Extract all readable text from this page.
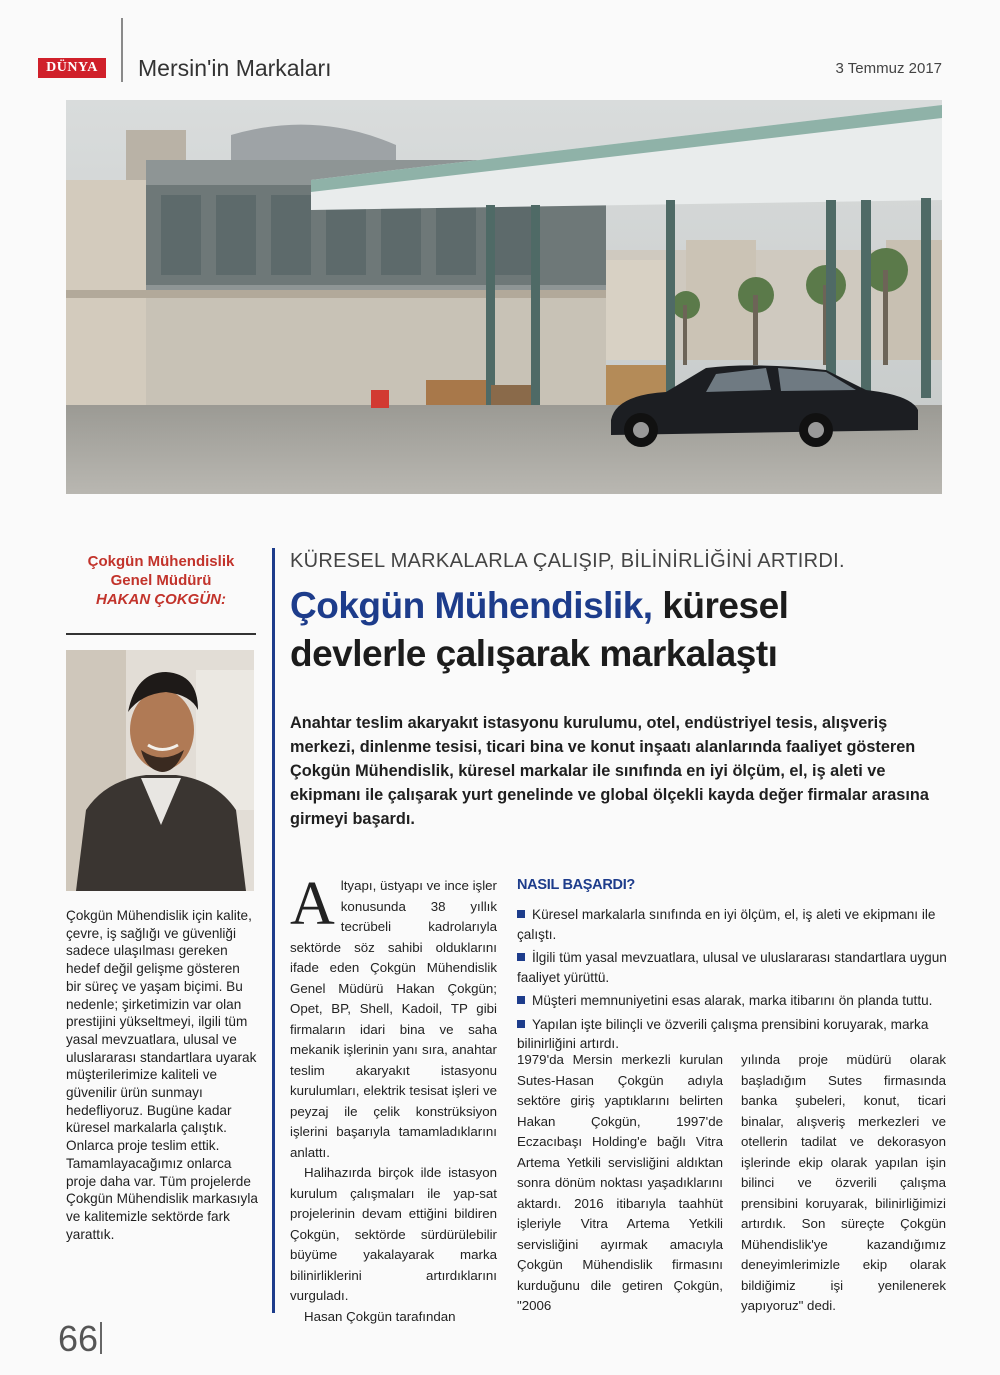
DÜNYA	Mersin'in Markaları	3 Temmuz 2017
Çokgün Mühendislik
Genel Müdürü
HAKAN ÇOKGÜN:
Çokgün Mühendislik için kalite, çevre, iş sağlığı ve güvenliği sadece ulaşılması gereken hedef değil gelişme gösteren bir süreç ve yaşam biçimi. Bu nedenle; şirketimizin var olan prestijini yükseltmeyi, ilgili tüm yasal mevzuatlara, ulusal ve uluslararası standartlara uyarak müşterilerimize kaliteli ve güvenilir ürün sunmayı hedefliyoruz. Bugüne kadar küresel markalarla çalıştık. Onlarca proje teslim ettik. Tamamlayacağımız onlarca proje daha var. Tüm projelerde Çokgün Mühendislik markasıyla ve kalitemizle sektörde fark yarattık.
KÜRESEL MARKALARLA ÇALIŞIP, BİLİNİRLİĞİNİ ARTIRDI.
Çokgün Mühendislik, küresel
devlerle çalışarak markalaştı
Anahtar teslim akaryakıt istasyonu kurulumu, otel, endüstriyel tesis, alışveriş merkezi, dinlenme tesisi, ticari bina ve konut inşaatı alanlarında faaliyet gösteren Çokgün Mühendislik, küresel markalar ile sınıfında en iyi ölçüm, el, iş aleti ve ekipmanı ile çalışarak yurt genelinde ve global ölçekli kayda değer firmalar arasına girmeyi başardı.

Altyapı, üstyapı ve ince işler konusunda 38 yıllık tecrübeli kadrolarıyla sektörde söz sahibi olduklarını ifade eden Çokgün Mühendislik Genel Müdürü Hakan Çokgün; Opet, BP, Shell, Kadoil, TP gibi firmaların idari bina ve saha mekanik işlerinin yanı sıra, anahtar teslim akaryakıt istasyonu kurulumları, elektrik tesisat işleri ve peyzaj ile çelik konstrüksiyon işlerini başarıyla tamamladıklarını anlattı.

Halihazırda birçok ilde istasyon kurulum çalışmaları ile yap-sat projelerinin devam ettiğini bildiren Çokgün, sektörde sürdürülebilir büyüme yakalayarak marka bilinirliklerini artırdıklarını vurguladı.

Hasan Çokgün tarafından

NASIL BAŞARDI?
Küresel markalarla sınıfında en iyi ölçüm, el, iş aleti ve ekipmanı ile çalıştı.
İlgili tüm yasal mevzuatlara, ulusal ve uluslararası standartlara uygun faaliyet yürüttü.
Müşteri memnuniyetini esas alarak, marka itibarını ön planda tuttu.
Yapılan işte bilinçli ve özverili çalışma prensibini koruyarak, marka bilinirliğini artırdı.
1979'da Mersin merkezli kurulan Sutes-Hasan Çokgün adıyla sektöre giriş yaptıklarını belirten Hakan Çokgün, 1997'de Eczacıbaşı Holding'e bağlı Vitra Artema Yetkili servisliğini aldıktan sonra dönüm noktası yaşadıklarını aktardı. 2016 itibarıyla taahhüt işleriyle Vitra Artema Yetkili servisliğini ayırmak amacıyla Çokgün Mühendislik firmasını kurduğunu dile getiren Çokgün, "2006
yılında proje müdürü olarak başladığım Sutes firmasında banka şubeleri, konut, ticari binalar, alışveriş merkezleri ve otellerin tadilat ve dekorasyon işlerinde ekip olarak yapılan işin bilinci ve özverili çalışma prensibini koruyarak, bilinirliğimizi artırdık. Son süreçte Çokgün Mühendislik'ye kazandığımız deneyimlerimizle ekip olarak bildiğimiz işi yenilenerek yapıyoruz" dedi.
66
